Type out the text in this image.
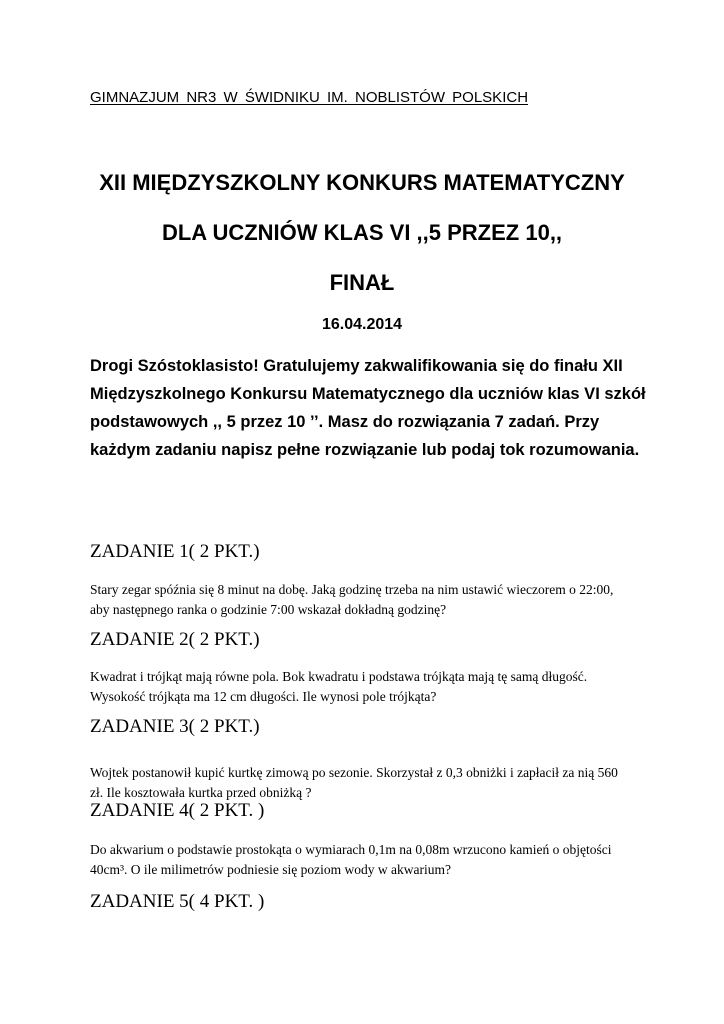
GIMNAZJUM NR3 W ŚWIDNIKU IM. NOBLISTÓW POLSKICH
XII MIĘDZYSZKOLNY KONKURS MATEMATYCZNY
DLA UCZNIÓW KLAS VI ,,5 PRZEZ 10,,
FINAŁ
16.04.2014
Drogi Szóstoklasisto! Gratulujemy zakwalifikowania się do finału XII Międzyszkolnego Konkursu Matematycznego dla uczniów klas VI szkół podstawowych ,, 5 przez 10 ’’. Masz do rozwiązania 7 zadań. Przy każdym zadaniu napisz pełne rozwiązanie lub podaj tok rozumowania.
ZADANIE 1( 2 PKT.)
Stary zegar spóźnia się 8 minut na dobę. Jaką godzinę trzeba na nim ustawić wieczorem o 22:00, aby następnego ranka o godzinie 7:00 wskazał dokładną godzinę?
ZADANIE 2( 2 PKT.)
Kwadrat i trójkąt mają równe pola. Bok kwadratu i podstawa trójkąta mają tę samą długość. Wysokość trójkąta ma 12 cm długości. Ile wynosi pole trójkąta?
ZADANIE 3( 2 PKT.)
Wojtek postanowił kupić kurtkę zimową po sezonie. Skorzystał z 0,3 obniżki i zapłacił za nią 560 zł. Ile kosztowała kurtka przed obniżką ?
ZADANIE 4( 2 PKT. )
Do akwarium o podstawie prostokąta o wymiarach 0,1m na 0,08m wrzucono kamień o objętości 40cm³. O ile milimetrów podniesie się poziom wody w akwarium?
ZADANIE 5( 4 PKT. )
